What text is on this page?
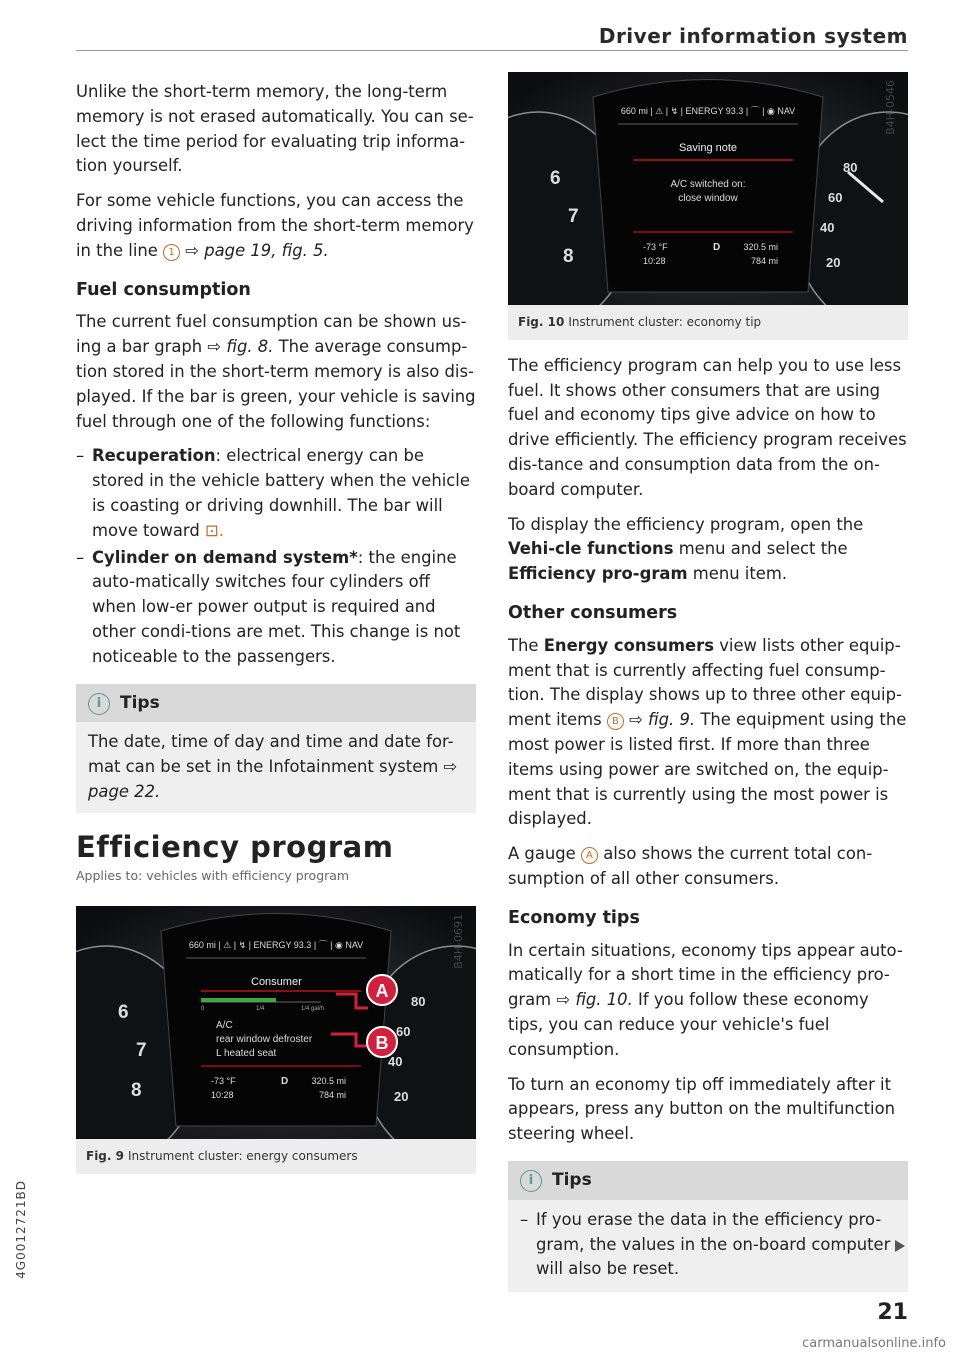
Driver information system

Unlike the short-term memory, the long-term memory is not erased automatically. You can se-lect the time period for evaluating trip informa-tion yourself.

For some vehicle functions, you can access the driving information from the short-term memory in the line 1 ⇨ page 19, fig. 5.

Fuel consumption

The current fuel consumption can be shown us-ing a bar graph ⇨ fig. 8. The average consump-tion stored in the short-term memory is also dis-played. If the bar is green, your vehicle is saving fuel through one of the following functions:

– Recuperation: electrical energy can be stored in the vehicle battery when the vehicle is coasting or driving downhill. The bar will move toward ⊡.
– Cylinder on demand system*: the engine auto-matically switches four cylinders off when low-er power output is required and other condi-tions are met. This change is not noticeable to the passengers.
i Tips
The date, time of day and time and date for-mat can be set in the Infotainment system ⇨ page 22.
Efficiency program
Applies to: vehicles with efficiency program
6
7
8
80
60
40
20
660 mi | ⚠ | ↯ | ENERGY 93.3 | ⌒ | ◉ NAV
Consumer
0	1/4	1/4 gal/h
A/C
rear window defroster
L heated seat
-73 °F
10:28
D	320.5 mi
784 mi
A
B
B4H-0691
Fig. 9 Instrument cluster: energy consumers
6
7
8
80
60
40
20
660 mi | ⚠ | ↯ | ENERGY 93.3 | ⌒ | ◉ NAV
Saving note
A/C switched on:
close window
-73 °F
10:28
D	320.5 mi
784 mi
B4H-0546
Fig. 10 Instrument cluster: economy tip

The efficiency program can help you to use less fuel. It shows other consumers that are using fuel and economy tips give advice on how to drive efficiently. The efficiency program receives dis-tance and consumption data from the on-board computer.

To display the efficiency program, open the Vehi-cle functions menu and select the Efficiency pro-gram menu item.

Other consumers

The Energy consumers view lists other equip-ment that is currently affecting fuel consump-tion. The display shows up to three other equip-ment items B ⇨ fig. 9. The equipment using the most power is listed first. If more than three items using power are switched on, the equip-ment that is currently using the most power is displayed.

A gauge A also shows the current total con-sumption of all other consumers.

Economy tips

In certain situations, economy tips appear auto-matically for a short time in the efficiency pro-gram ⇨ fig. 10. If you follow these economy tips, you can reduce your vehicle's fuel consumption.

To turn an economy tip off immediately after it appears, press any button on the multifunction steering wheel.

i Tips
– If you erase the data in the efficiency pro-gram, the values in the on-board computer will also be reset.
4G0012721BD
21
carmanualsonline.info
